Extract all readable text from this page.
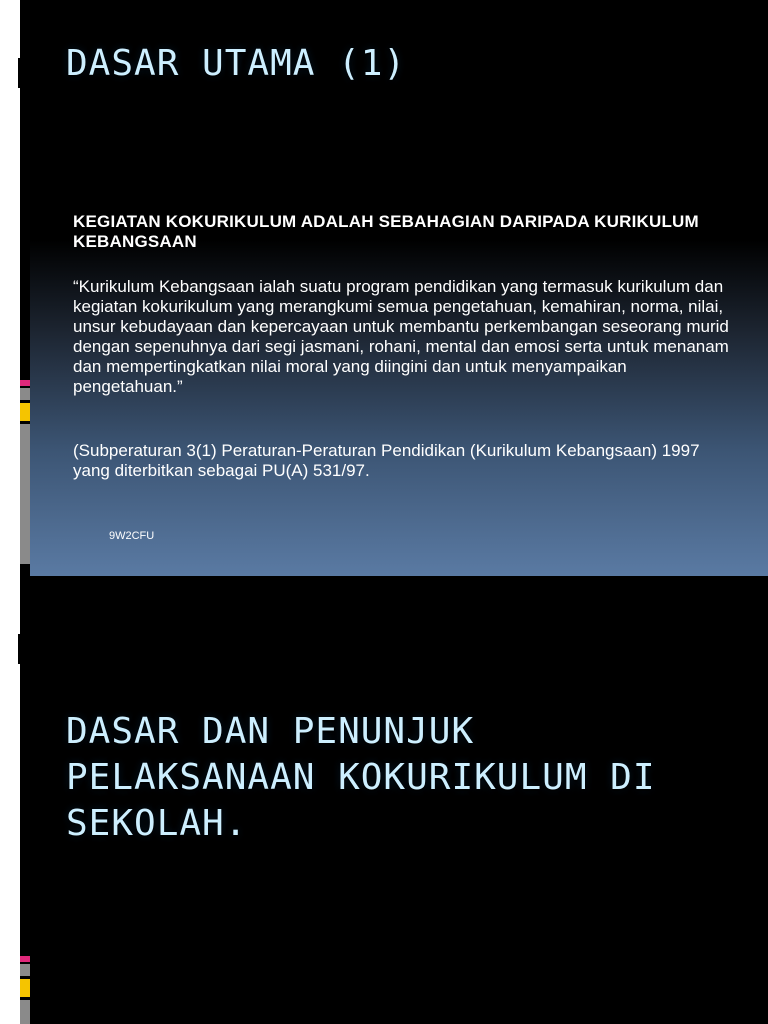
DASAR UTAMA (1)
KEGIATAN KOKURIKULUM ADALAH SEBAHAGIAN DARIPADA KURIKULUM KEBANGSAAN
“Kurikulum Kebangsaan ialah suatu program pendidikan yang termasuk kurikulum dan kegiatan kokurikulum yang merangkumi semua pengetahuan, kemahiran, norma, nilai, unsur kebudayaan dan kepercayaan untuk membantu perkembangan seseorang murid dengan sepenuhnya dari segi jasmani, rohani, mental dan emosi serta untuk menanam dan mempertingkatkan nilai moral yang diingini dan untuk menyampaikan pengetahuan.”
(Subperaturan 3(1) Peraturan-Peraturan Pendidikan (Kurikulum Kebangsaan) 1997 yang diterbitkan sebagai PU(A) 531/97.
9W2CFU
DASAR DAN PENUNJUK PELAKSANAAN KOKURIKULUM DI SEKOLAH.
